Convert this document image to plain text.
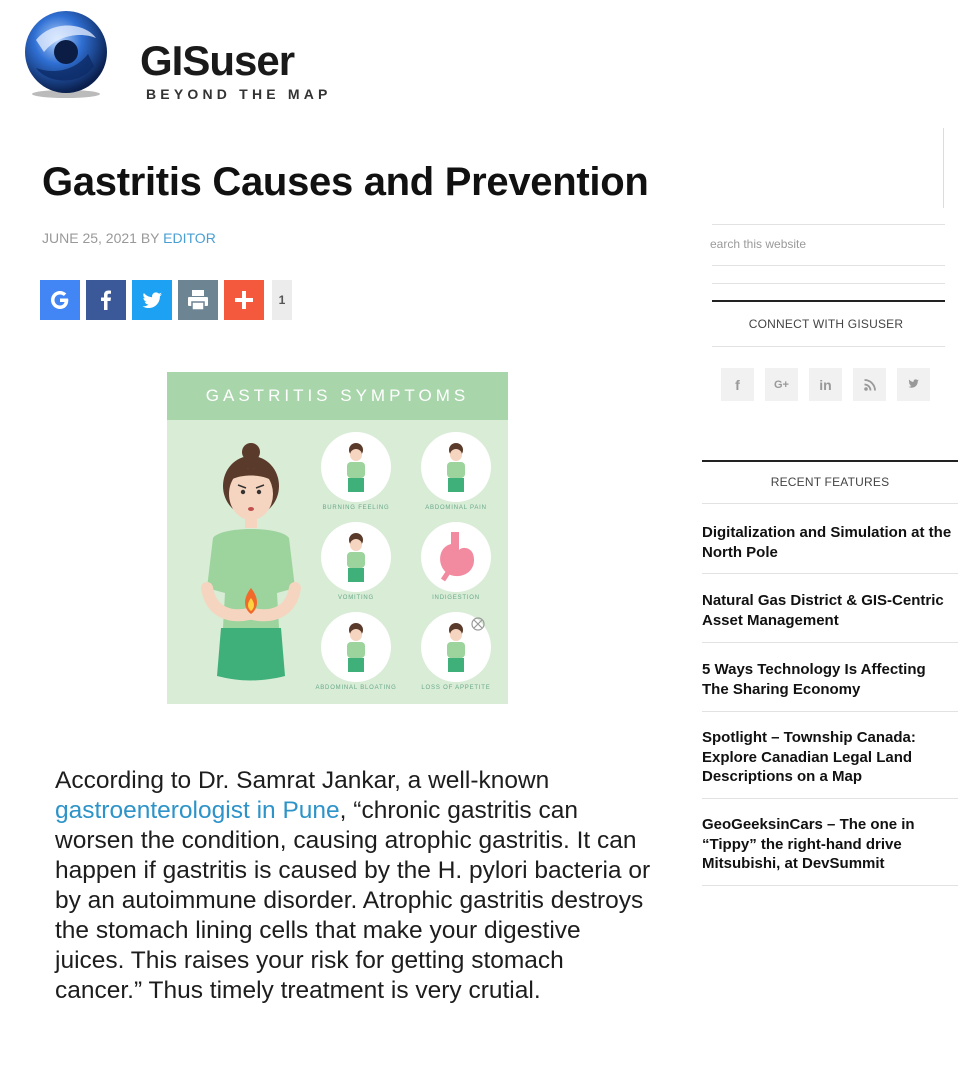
GISuser
BEYOND THE MAP
Gastritis Causes and Prevention
JUNE 25, 2021 BY EDITOR
1
GASTRITIS SYMPTOMS
BURNING FEELING	ABDOMINAL PAIN
VOMITING	INDIGESTION
ABDOMINAL BLOATING	LOSS OF APPETITE

According to Dr. Samrat Jankar, a well-known
gastroenterologist in Pune, “chronic gastritis can worsen the condition, causing atrophic gastritis. It can happen if gastritis is caused by the H. pylori bacteria or by an autoimmune disorder. Atrophic gastritis destroys the stomach lining cells that make your digestive juices. This raises your risk for getting stomach cancer.” Thus timely treatment is very crutial.

earch this website
CONNECT WITH GISUSER
f	G+	in
RECENT FEATURES
Digitalization and Simulation at the North Pole
Natural Gas District & GIS-Centric Asset Management
5 Ways Technology Is Affecting The Sharing Economy
Spotlight – Township Canada: Explore Canadian Legal Land Descriptions on a Map
GeoGeeksinCars – The one in “Tippy” the right-hand drive Mitsubishi, at DevSummit
